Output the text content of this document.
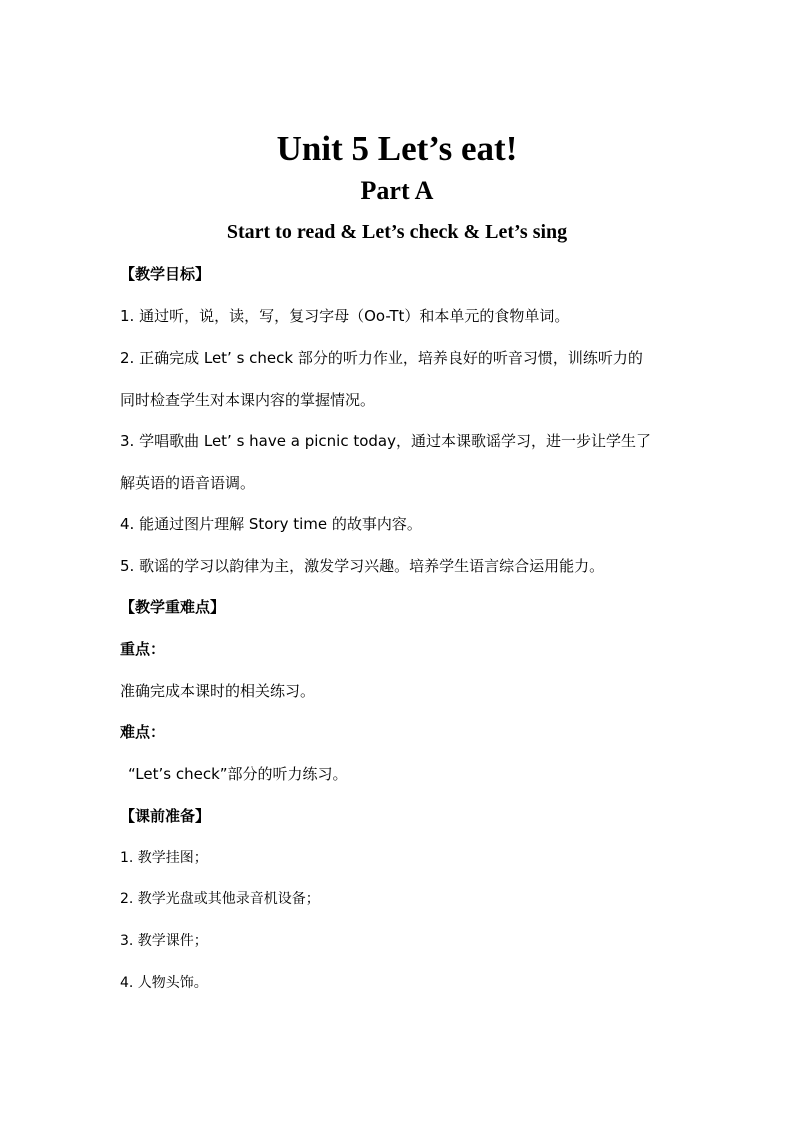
Unit 5 Let’s eat!
Part A
Start to read & Let’s check & Let’s sing
【教学目标】
1. 通过听，说，读，写，复习字母（Oo-Tt）和本单元的食物单词。
2. 正确完成 Let’ s check 部分的听力作业，培养良好的听音习惯，训练听力的
同时检查学生对本课内容的掌握情况。
3. 学唱歌曲 Let’ s have a picnic today，通过本课歌谣学习，进一步让学生了
解英语的语音语调。
4. 能通过图片理解 Story time 的故事内容。
5. 歌谣的学习以韵律为主，激发学习兴趣。培养学生语言综合运用能力。
【教学重难点】
重点：
准确完成本课时的相关练习。
难点：
“Let’s check”部分的听力练习。
【课前准备】
1. 教学挂图；
2. 教学光盘或其他录音机设备；
3. 教学课件；
4. 人物头饰。
